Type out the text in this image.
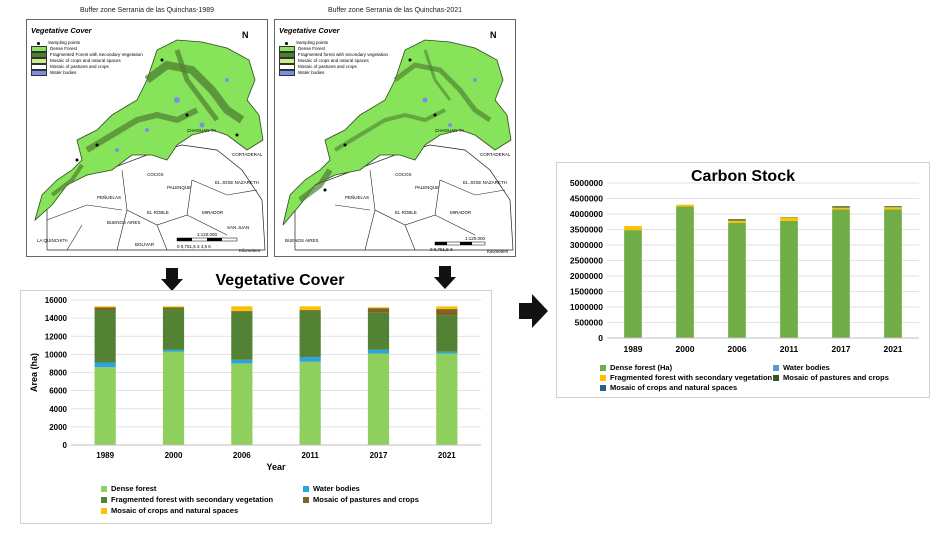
Buffer zone Serrania de las Quinchas-1989
Vegetative Cover
Sampling points
Dense Forest
Fragmented Forest with Secondary Vegetation
Mosaic of crops and natural spaces
Mosaic of pastures and crops
Water bodies
N
0 0,751,5 3 4,5 6
Kilometers
1:120.000
CHAGUAN TA
CORTADERAL
COCOS
PALENQUE
EL JOSE NAZARETH
PEÑUELAS
EL ROBLE	MIRADOR
LA QUINCHITA
BUENOS AIRES
BOLIVAR
SAN JUAN
Buffer zone Serrania de las Quinchas-2021
Vegetative Cover
Sampling points
Dense Forest
Fragmented forest with secondary vegetation
Mosaic of crops and natural spaces
Mosaic of pastures and crops
Water bodies
N
0 0,751,5 3	Kilometers
1:120.000
CHAGUAN TA
CORTADERAL
COCOS
PALENQUE
EL JOSE NAZARETH
PEÑUELAS
EL ROBLE	MIRADOR
BUENOS AIRES
0
2000
4000
6000
8000
10000
12000
14000
16000
1989	2000	2006	2011	2017	2021
Year
Area (ha)
Dense forest	Water bodies
Fragmented forest with secondary vegetation	Mosaic of pastures and crops
Mosaic of crops and natural spaces
Vegetative Cover
Carbon Stock
0
500000
1000000
1500000
2000000
2500000
3000000
3500000
4000000
4500000
5000000
1989	2000	2006	2011	2017	2021
Dense forest (Ha)	Water bodies
Fragmented forest with secondary vegetation Mosaic of pastures and crops
Mosaic of crops and natural spaces
